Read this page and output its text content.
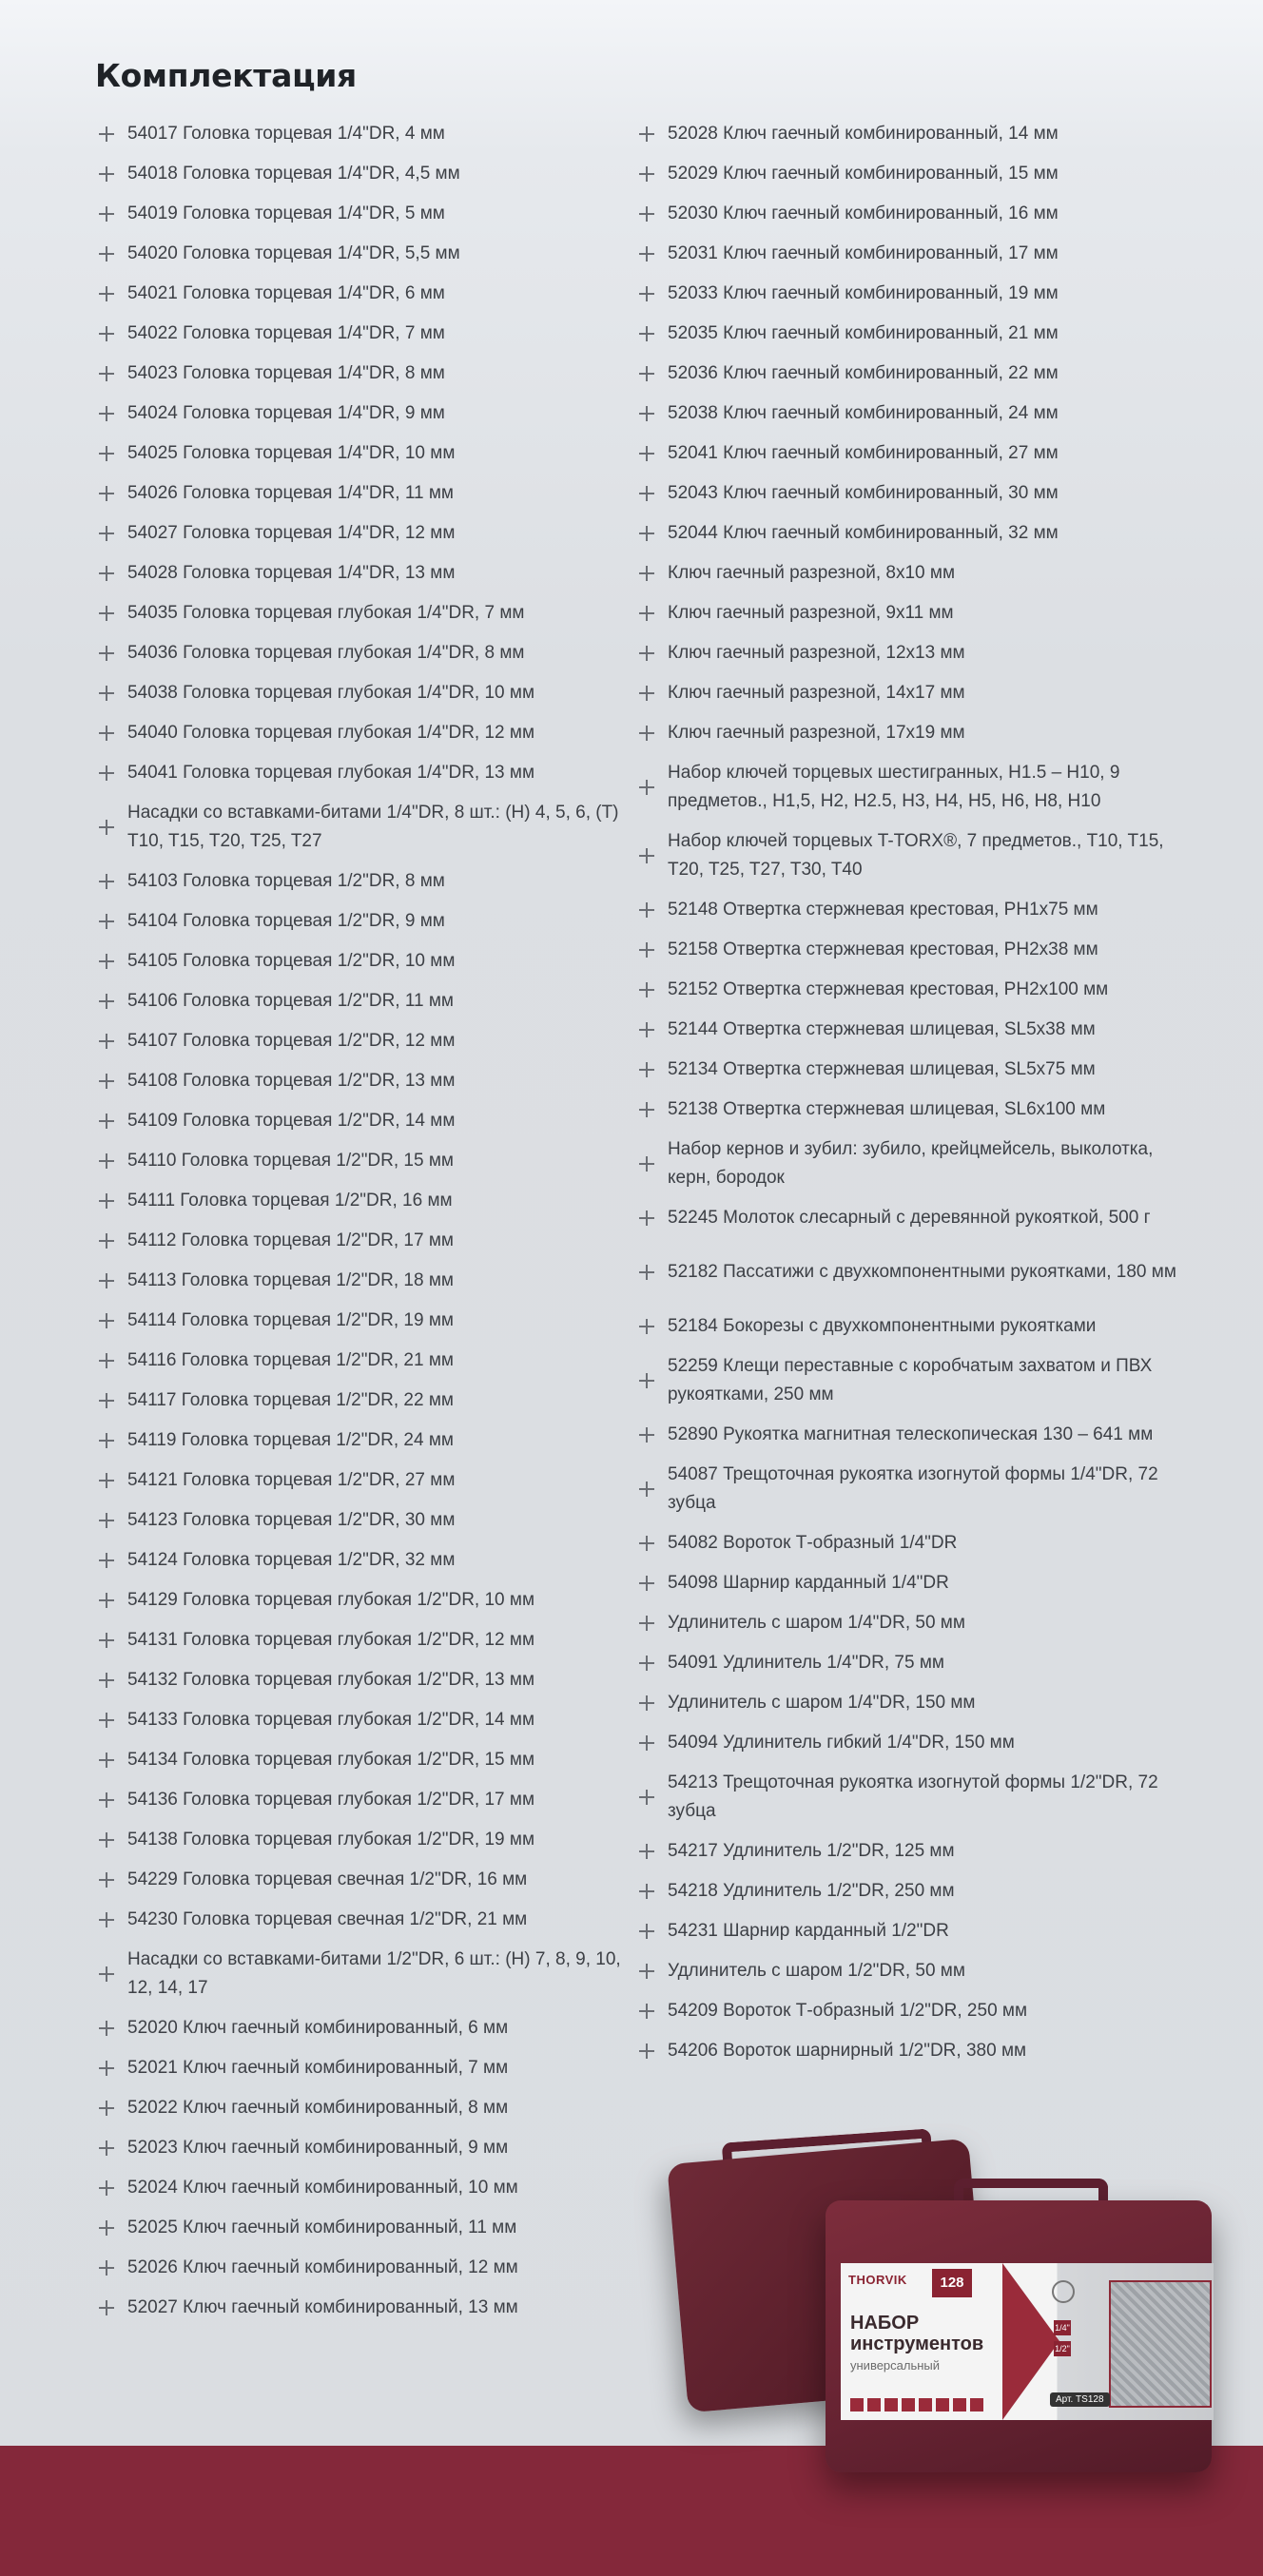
Комплектация
54017 Головка торцевая 1/4"DR, 4 мм
54018 Головка торцевая 1/4"DR, 4,5 мм
54019 Головка торцевая 1/4"DR, 5 мм
54020 Головка торцевая 1/4"DR, 5,5 мм
54021 Головка торцевая 1/4"DR, 6 мм
54022 Головка торцевая 1/4"DR, 7 мм
54023 Головка торцевая 1/4"DR, 8 мм
54024 Головка торцевая 1/4"DR, 9 мм
54025 Головка торцевая 1/4"DR, 10 мм
54026 Головка торцевая 1/4"DR, 11 мм
54027 Головка торцевая 1/4"DR, 12 мм
54028 Головка торцевая 1/4"DR, 13 мм
54035 Головка торцевая глубокая 1/4"DR, 7 мм
54036 Головка торцевая глубокая 1/4"DR, 8 мм
54038 Головка торцевая глубокая 1/4"DR, 10 мм
54040 Головка торцевая глубокая 1/4"DR, 12 мм
54041 Головка торцевая глубокая 1/4"DR, 13 мм
Насадки со вставками-битами 1/4"DR, 8 шт.: (H) 4, 5, 6, (T) T10, T15, T20, T25, T27
54103 Головка торцевая 1/2"DR, 8 мм
54104 Головка торцевая 1/2"DR, 9 мм
54105 Головка торцевая 1/2"DR, 10 мм
54106 Головка торцевая 1/2"DR, 11 мм
54107 Головка торцевая 1/2"DR, 12 мм
54108 Головка торцевая 1/2"DR, 13 мм
54109 Головка торцевая 1/2"DR, 14 мм
54110 Головка торцевая 1/2"DR, 15 мм
54111 Головка торцевая 1/2"DR, 16 мм
54112 Головка торцевая 1/2"DR, 17 мм
54113 Головка торцевая 1/2"DR, 18 мм
54114 Головка торцевая 1/2"DR, 19 мм
54116 Головка торцевая 1/2"DR, 21 мм
54117 Головка торцевая 1/2"DR, 22 мм
54119 Головка торцевая 1/2"DR, 24 мм
54121 Головка торцевая 1/2"DR, 27 мм
54123 Головка торцевая 1/2"DR, 30 мм
54124 Головка торцевая 1/2"DR, 32 мм
54129 Головка торцевая глубокая 1/2"DR, 10 мм
54131 Головка торцевая глубокая 1/2"DR, 12 мм
54132 Головка торцевая глубокая 1/2"DR, 13 мм
54133 Головка торцевая глубокая 1/2"DR, 14 мм
54134 Головка торцевая глубокая 1/2"DR, 15 мм
54136 Головка торцевая глубокая 1/2"DR, 17 мм
54138 Головка торцевая глубокая 1/2"DR, 19 мм
54229 Головка торцевая свечная 1/2"DR, 16 мм
54230 Головка торцевая свечная 1/2"DR, 21 мм
Насадки со вставками-битами 1/2"DR, 6 шт.: (H) 7, 8, 9, 10, 12, 14, 17
52020 Ключ гаечный комбинированный, 6 мм
52021 Ключ гаечный комбинированный, 7 мм
52022 Ключ гаечный комбинированный, 8 мм
52023 Ключ гаечный комбинированный, 9 мм
52024 Ключ гаечный комбинированный, 10 мм
52025 Ключ гаечный комбинированный, 11 мм
52026 Ключ гаечный комбинированный, 12 мм
52027 Ключ гаечный комбинированный, 13 мм
52028 Ключ гаечный комбинированный, 14 мм
52029 Ключ гаечный комбинированный, 15 мм
52030 Ключ гаечный комбинированный, 16 мм
52031 Ключ гаечный комбинированный, 17 мм
52033 Ключ гаечный комбинированный, 19 мм
52035 Ключ гаечный комбинированный, 21 мм
52036 Ключ гаечный комбинированный, 22 мм
52038 Ключ гаечный комбинированный, 24 мм
52041 Ключ гаечный комбинированный, 27 мм
52043 Ключ гаечный комбинированный, 30 мм
52044 Ключ гаечный комбинированный, 32 мм
Ключ гаечный разрезной, 8x10 мм
Ключ гаечный разрезной, 9x11 мм
Ключ гаечный разрезной, 12x13 мм
Ключ гаечный разрезной, 14x17 мм
Ключ гаечный разрезной, 17x19 мм
Набор ключей торцевых шестигранных, H1.5 – H10, 9 предметов., H1,5, H2, H2.5, H3, H4, H5, H6, H8, H10
Набор ключей торцевых T-TORX®, 7 предметов., T10, T15, T20, T25, T27, T30, T40
52148 Отвертка стержневая крестовая, PH1x75 мм
52158 Отвертка стержневая крестовая, PH2x38 мм
52152 Отвертка стержневая крестовая, PH2x100 мм
52144 Отвертка стержневая шлицевая, SL5x38 мм
52134 Отвертка стержневая шлицевая, SL5x75 мм
52138 Отвертка стержневая шлицевая, SL6x100 мм
Набор кернов и зубил: зубило, крейцмейсель, выколотка, керн, бородок
52245 Молоток слесарный с деревянной рукояткой, 500 г
52182 Пассатижи с двухкомпонентными рукоятками, 180 мм
52184 Бокорезы с двухкомпонентными рукоятками
52259 Клещи переставные с коробчатым захватом и ПВХ рукоятками, 250 мм
52890 Рукоятка магнитная телескопическая 130 – 641 мм
54087 Трещоточная рукоятка изогнутой формы 1/4"DR, 72 зубца
54082 Вороток Т-образный 1/4"DR
54098 Шарнир карданный 1/4"DR
Удлинитель с шаром 1/4"DR, 50 мм
54091 Удлинитель 1/4"DR, 75 мм
Удлинитель с шаром 1/4"DR, 150 мм
54094 Удлинитель гибкий 1/4"DR, 150 мм
54213 Трещоточная рукоятка изогнутой формы 1/2"DR, 72 зубца
54217 Удлинитель 1/2"DR, 125 мм
54218 Удлинитель 1/2"DR, 250 мм
54231 Шарнир карданный 1/2"DR
Удлинитель с шаром 1/2"DR, 50 мм
54209 Вороток Т-образный 1/2"DR, 250 мм
54206 Вороток шарнирный 1/2"DR, 380 мм
THORVIK	128
НАБОР
инструментов
универсальный
1/4"
1/2"
Арт. TS128
